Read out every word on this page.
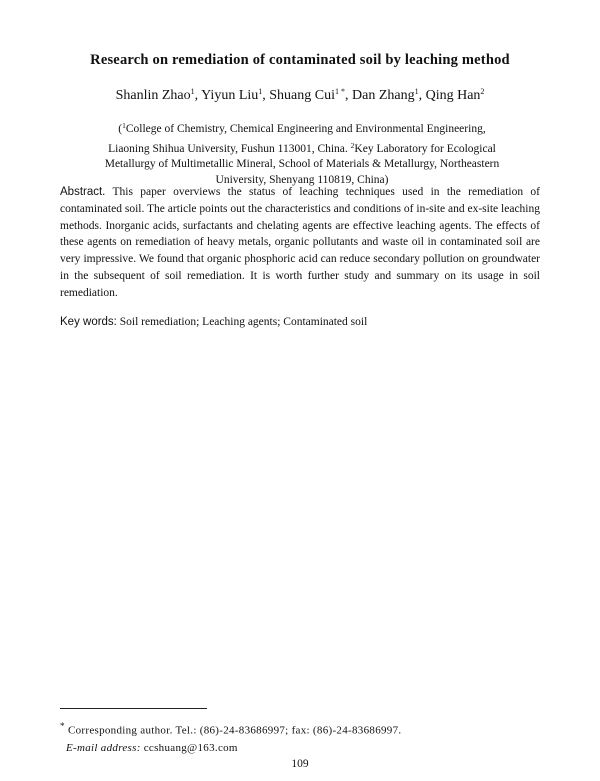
Research on remediation of contaminated soil by leaching method
Shanlin Zhao$^1$, Yiyun Liu$^1$, Shuang Cui$^{1 *}$, Dan Zhang$^1$, Qing Han$^2$
($^1$College of Chemistry, Chemical Engineering and Environmental Engineering, Liaoning Shihua University, Fushun 113001, China. $^2$Key Laboratory for Ecological Metallurgy of Multimetallic Mineral, School of Materials & Metallurgy, Northeastern University, Shenyang 110819, China)
Abstract. This paper overviews the status of leaching techniques used in the remediation of contaminated soil. The article points out the characteristics and conditions of in-site and ex-site leaching methods. Inorganic acids, surfactants and chelating agents are effective leaching agents. The effects of these agents on remediation of heavy metals, organic pollutants and waste oil in contaminated soil are very impressive. We found that organic phosphoric acid can reduce secondary pollution on groundwater in the subsequent of soil remediation. It is worth further study and summary on its usage in soil remediation.
Key words: Soil remediation; Leaching agents; Contaminated soil
* Corresponding author. Tel.: (86)-24-83686997; fax: (86)-24-83686997.
E-mail address: ccshuang@163.com
109
